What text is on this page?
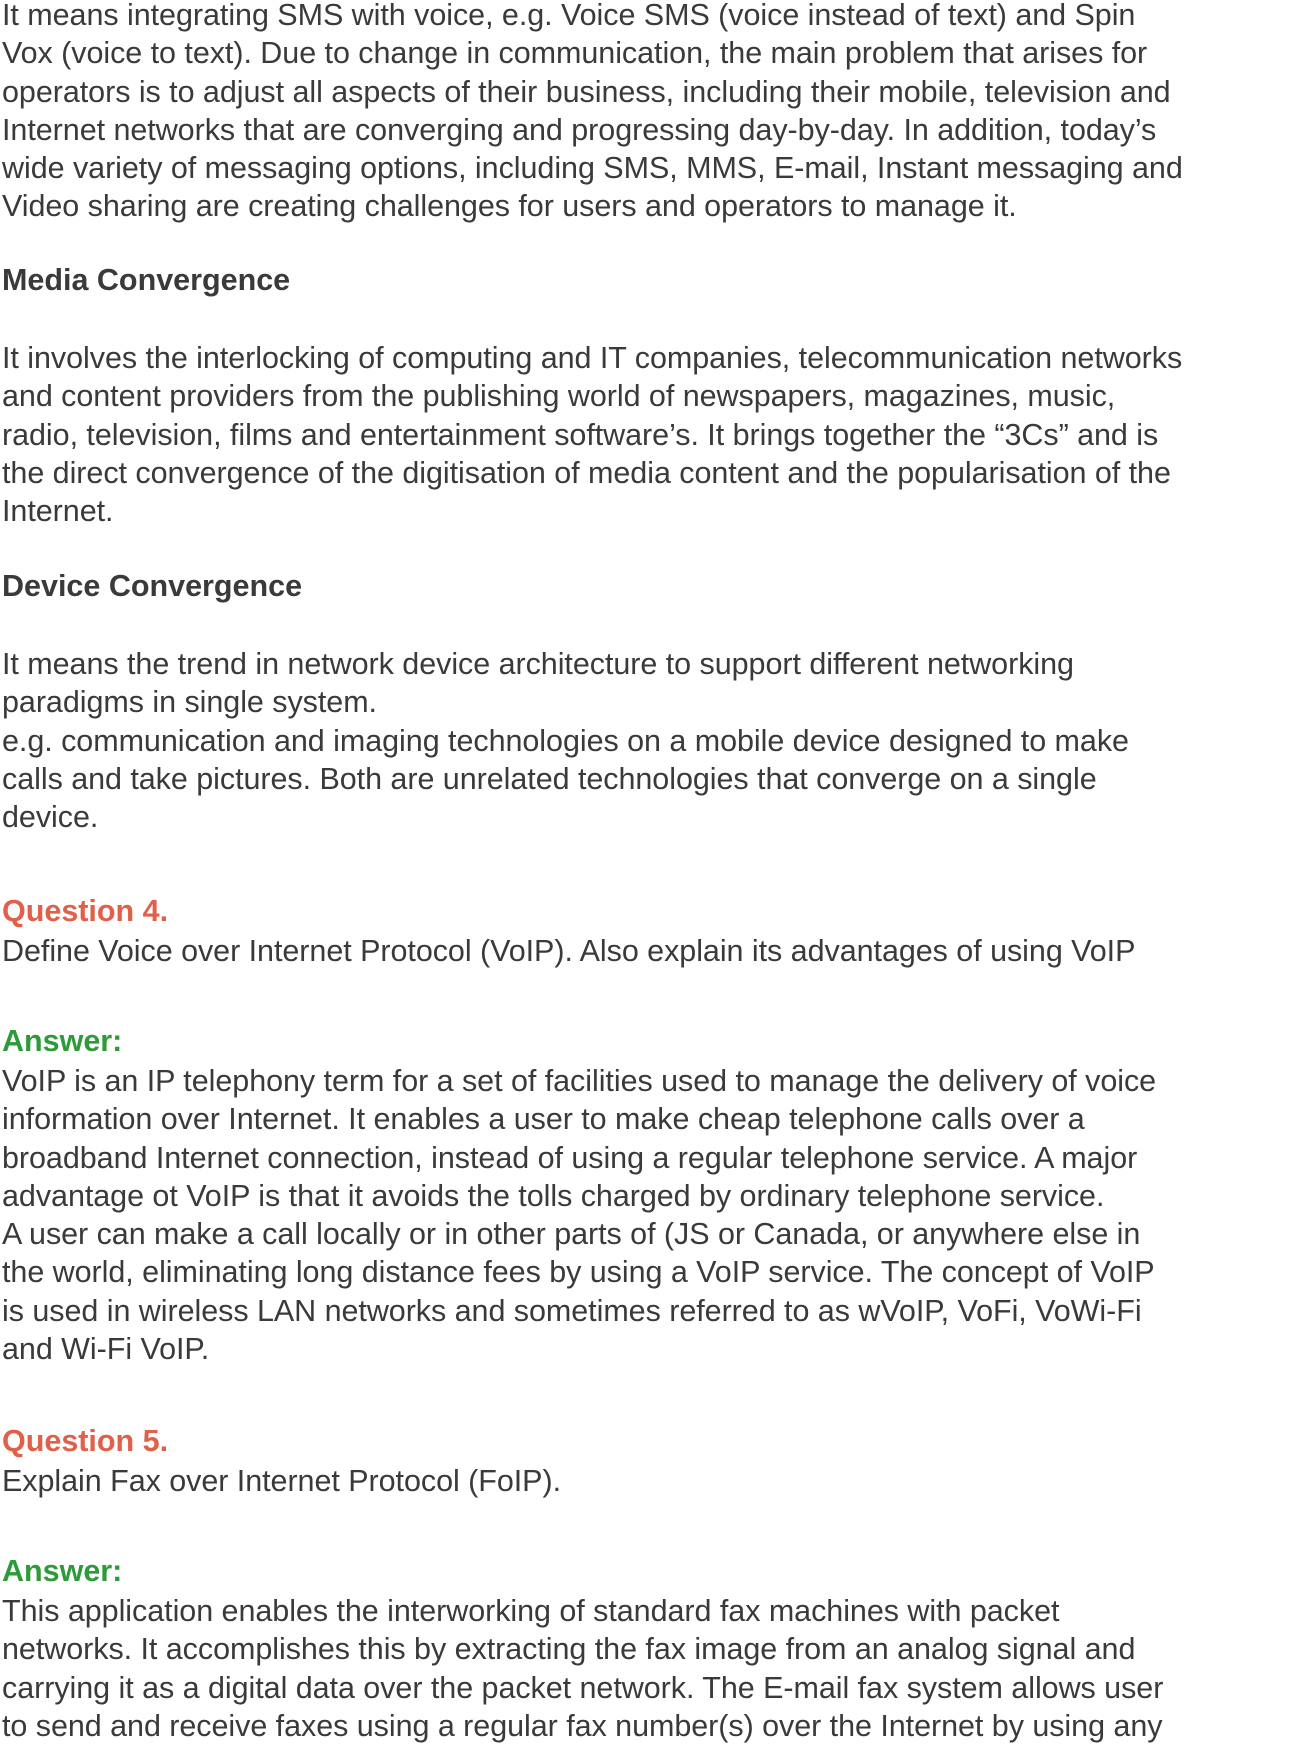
It means integrating SMS with voice, e.g. Voice SMS (voice instead of text) and Spin
Vox (voice to text). Due to change in communication, the main problem that arises for
operators is to adjust all aspects of their business, including their mobile, television and
Internet networks that are converging and progressing day-by-day. In addition, today’s
wide variety of messaging options, including SMS, MMS, E-mail, Instant messaging and
Video sharing are creating challenges for users and operators to manage it.

Media Convergence

It involves the interlocking of computing and IT companies, telecommunication networks
and content providers from the publishing world of newspapers, magazines, music,
radio, television, films and entertainment software’s. It brings together the “3Cs” and is
the direct convergence of the digitisation of media content and the popularisation of the
Internet.

Device Convergence

It means the trend in network device architecture to support different networking
paradigms in single system.
e.g. communication and imaging technologies on a mobile device designed to make
calls and take pictures. Both are unrelated technologies that converge on a single
device.

Question 4.

Define Voice over Internet Protocol (VoIP). Also explain its advantages of using VoIP

Answer:

VoIP is an IP telephony term for a set of facilities used to manage the delivery of voice
information over Internet. It enables a user to make cheap telephone calls over a
broadband Internet connection, instead of using a regular telephone service. A major
advantage ot VoIP is that it avoids the tolls charged by ordinary telephone service.
A user can make a call locally or in other parts of (JS or Canada, or anywhere else in
the world, eliminating long distance fees by using a VoIP service. The concept of VoIP
is used in wireless LAN networks and sometimes referred to as wVoIP, VoFi, VoWi-Fi
and Wi-Fi VoIP.

Question 5.

Explain Fax over Internet Protocol (FoIP).

Answer:

This application enables the interworking of standard fax machines with packet
networks. It accomplishes this by extracting the fax image from an analog signal and
carrying it as a digital data over the packet network. The E-mail fax system allows user
to send and receive faxes using a regular fax number(s) over the Internet by using any
